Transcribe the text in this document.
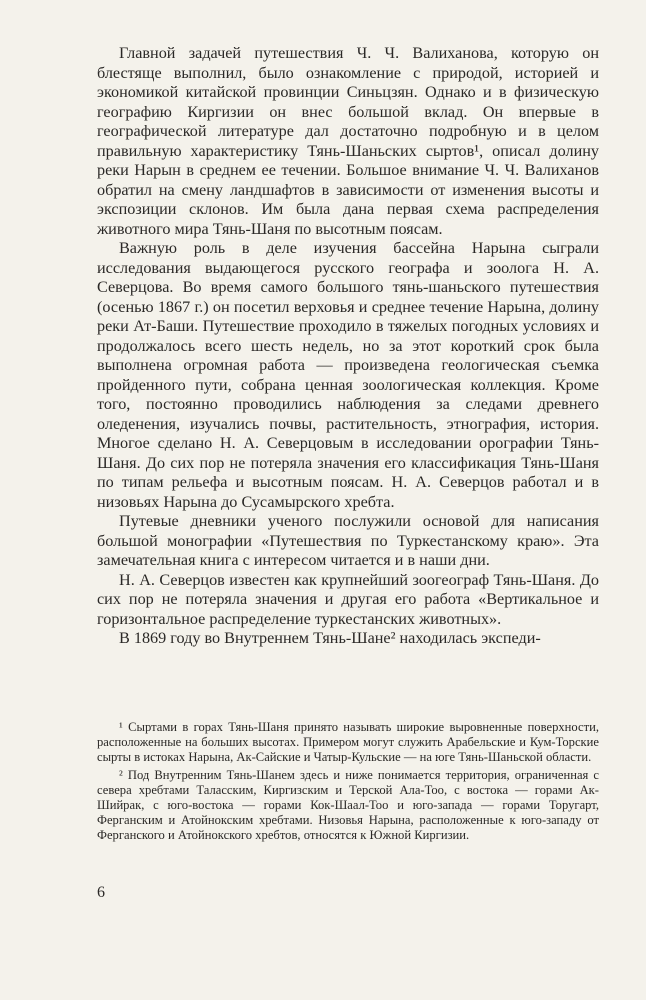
Главной задачей путешествия Ч. Ч. Валиханова, которую он блестяще выполнил, было ознакомление с природой, историей и экономикой китайской провинции Синьцзян. Однако и в физическую географию Киргизии он внес большой вклад. Он впервые в географической литературе дал достаточно подробную и в целом правильную характеристику Тянь-Шаньских сыртов¹, описал долину реки Нарын в среднем ее течении. Большое внимание Ч. Ч. Валиханов обратил на смену ландшафтов в зависимости от изменения высоты и экспозиции склонов. Им была дана первая схема распределения животного мира Тянь-Шаня по высотным поясам.

Важную роль в деле изучения бассейна Нарына сыграли исследования выдающегося русского географа и зоолога Н. А. Северцова. Во время самого большого тянь-шаньского путешествия (осенью 1867 г.) он посетил верховья и среднее течение Нарына, долину реки Ат-Баши. Путешествие проходило в тяжелых погодных условиях и продолжалось всего шесть недель, но за этот короткий срок была выполнена огромная работа — произведена геологическая съемка пройденного пути, собрана ценная зоологическая коллекция. Кроме того, постоянно проводились наблюдения за следами древнего оледенения, изучались почвы, растительность, этнография, история. Многое сделано Н. А. Северцовым в исследовании орографии Тянь-Шаня. До сих пор не потеряла значения его классификация Тянь-Шаня по типам рельефа и высотным поясам. Н. А. Северцов работал и в низовьях Нарына до Сусамырского хребта.

Путевые дневники ученого послужили основой для написания большой монографии «Путешествия по Туркестанскому краю». Эта замечательная книга с интересом читается и в наши дни.

Н. А. Северцов известен как крупнейший зоогеограф Тянь-Шаня. До сих пор не потеряла значения и другая его работа «Вертикальное и горизонтальное распределение туркестанских животных».

В 1869 году во Внутреннем Тянь-Шане² находилась экспеди-

¹ Сыртами в горах Тянь-Шаня принято называть широкие выровненные поверхности, расположенные на больших высотах. Примером могут служить Арабельские и Кум-Торские сырты в истоках Нарына, Ак-Сайские и Чатыр-Кульские — на юге Тянь-Шаньской области.

² Под Внутренним Тянь-Шанем здесь и ниже понимается территория, ограниченная с севера хребтами Таласским, Киргизским и Терской Ала-Тоо, с востока — горами Ак-Шийрак, с юго-востока — горами Кок-Шаал-Тоо и юго-запада — горами Торугарт, Ферганским и Атойнокским хребтами. Низовья Нарына, расположенные к юго-западу от Ферганского и Атойнокского хребтов, относятся к Южной Киргизии.

6
